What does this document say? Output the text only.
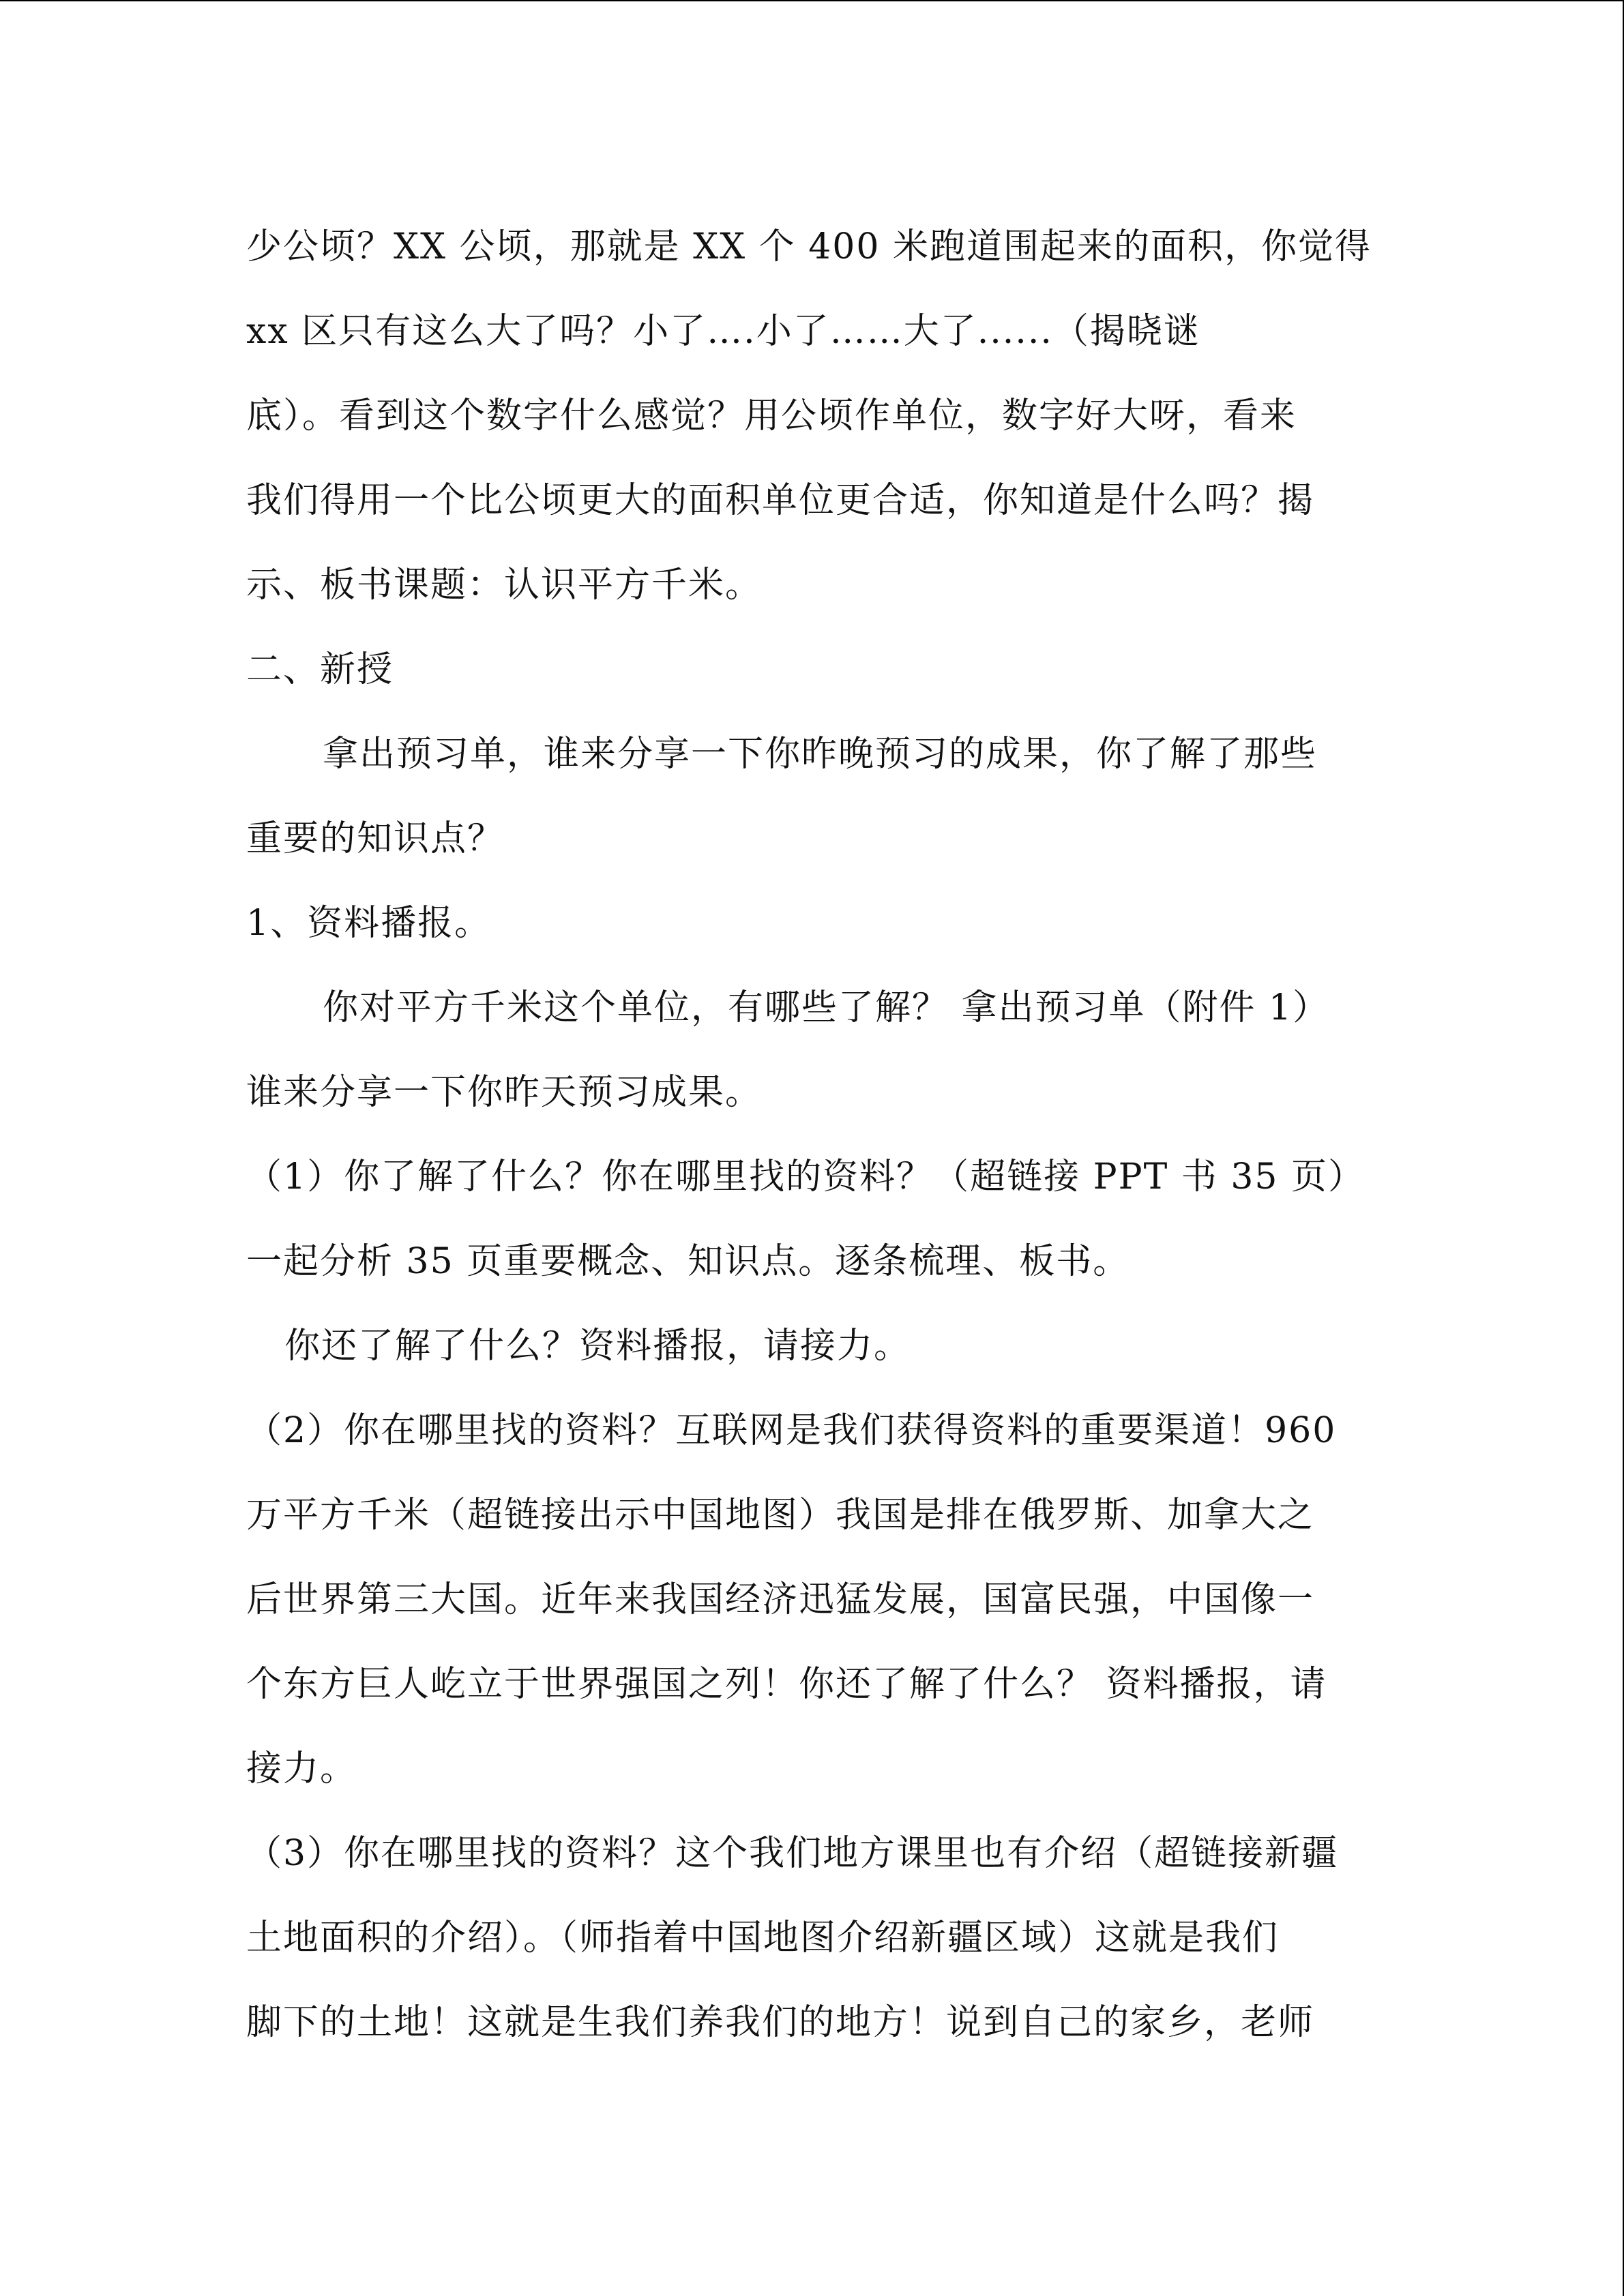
少公顷？XX 公顷，那就是 XX 个 400 米跑道围起来的面积，你觉得
xx 区只有这么大了吗？小了….小了……大了......（揭晓谜
底）。看到这个数字什么感觉？用公顷作单位，数字好大呀，看来
我们得用一个比公顷更大的面积单位更合适，你知道是什么吗？揭
示、板书课题：认识平方千米。
二、新授
拿出预习单，谁来分享一下你昨晚预习的成果，你了解了那些
重要的知识点？
1、资料播报。
你对平方千米这个单位，有哪些了解？ 拿出预习单（附件 1）
谁来分享一下你昨天预习成果。
（1）你了解了什么？你在哪里找的资料？（超链接 PPT 书 35 页）
一起分析 35 页重要概念、知识点。逐条梳理、板书。
你还了解了什么？资料播报，请接力。
（2）你在哪里找的资料？互联网是我们获得资料的重要渠道！960
万平方千米（超链接出示中国地图）我国是排在俄罗斯、加拿大之
后世界第三大国。近年来我国经济迅猛发展，国富民强，中国像一
个东方巨人屹立于世界强国之列！你还了解了什么？ 资料播报，请
接力。
（3）你在哪里找的资料？这个我们地方课里也有介绍（超链接新疆
土地面积的介绍）。（师指着中国地图介绍新疆区域）这就是我们
脚下的土地！这就是生我们养我们的地方！说到自己的家乡，老师
